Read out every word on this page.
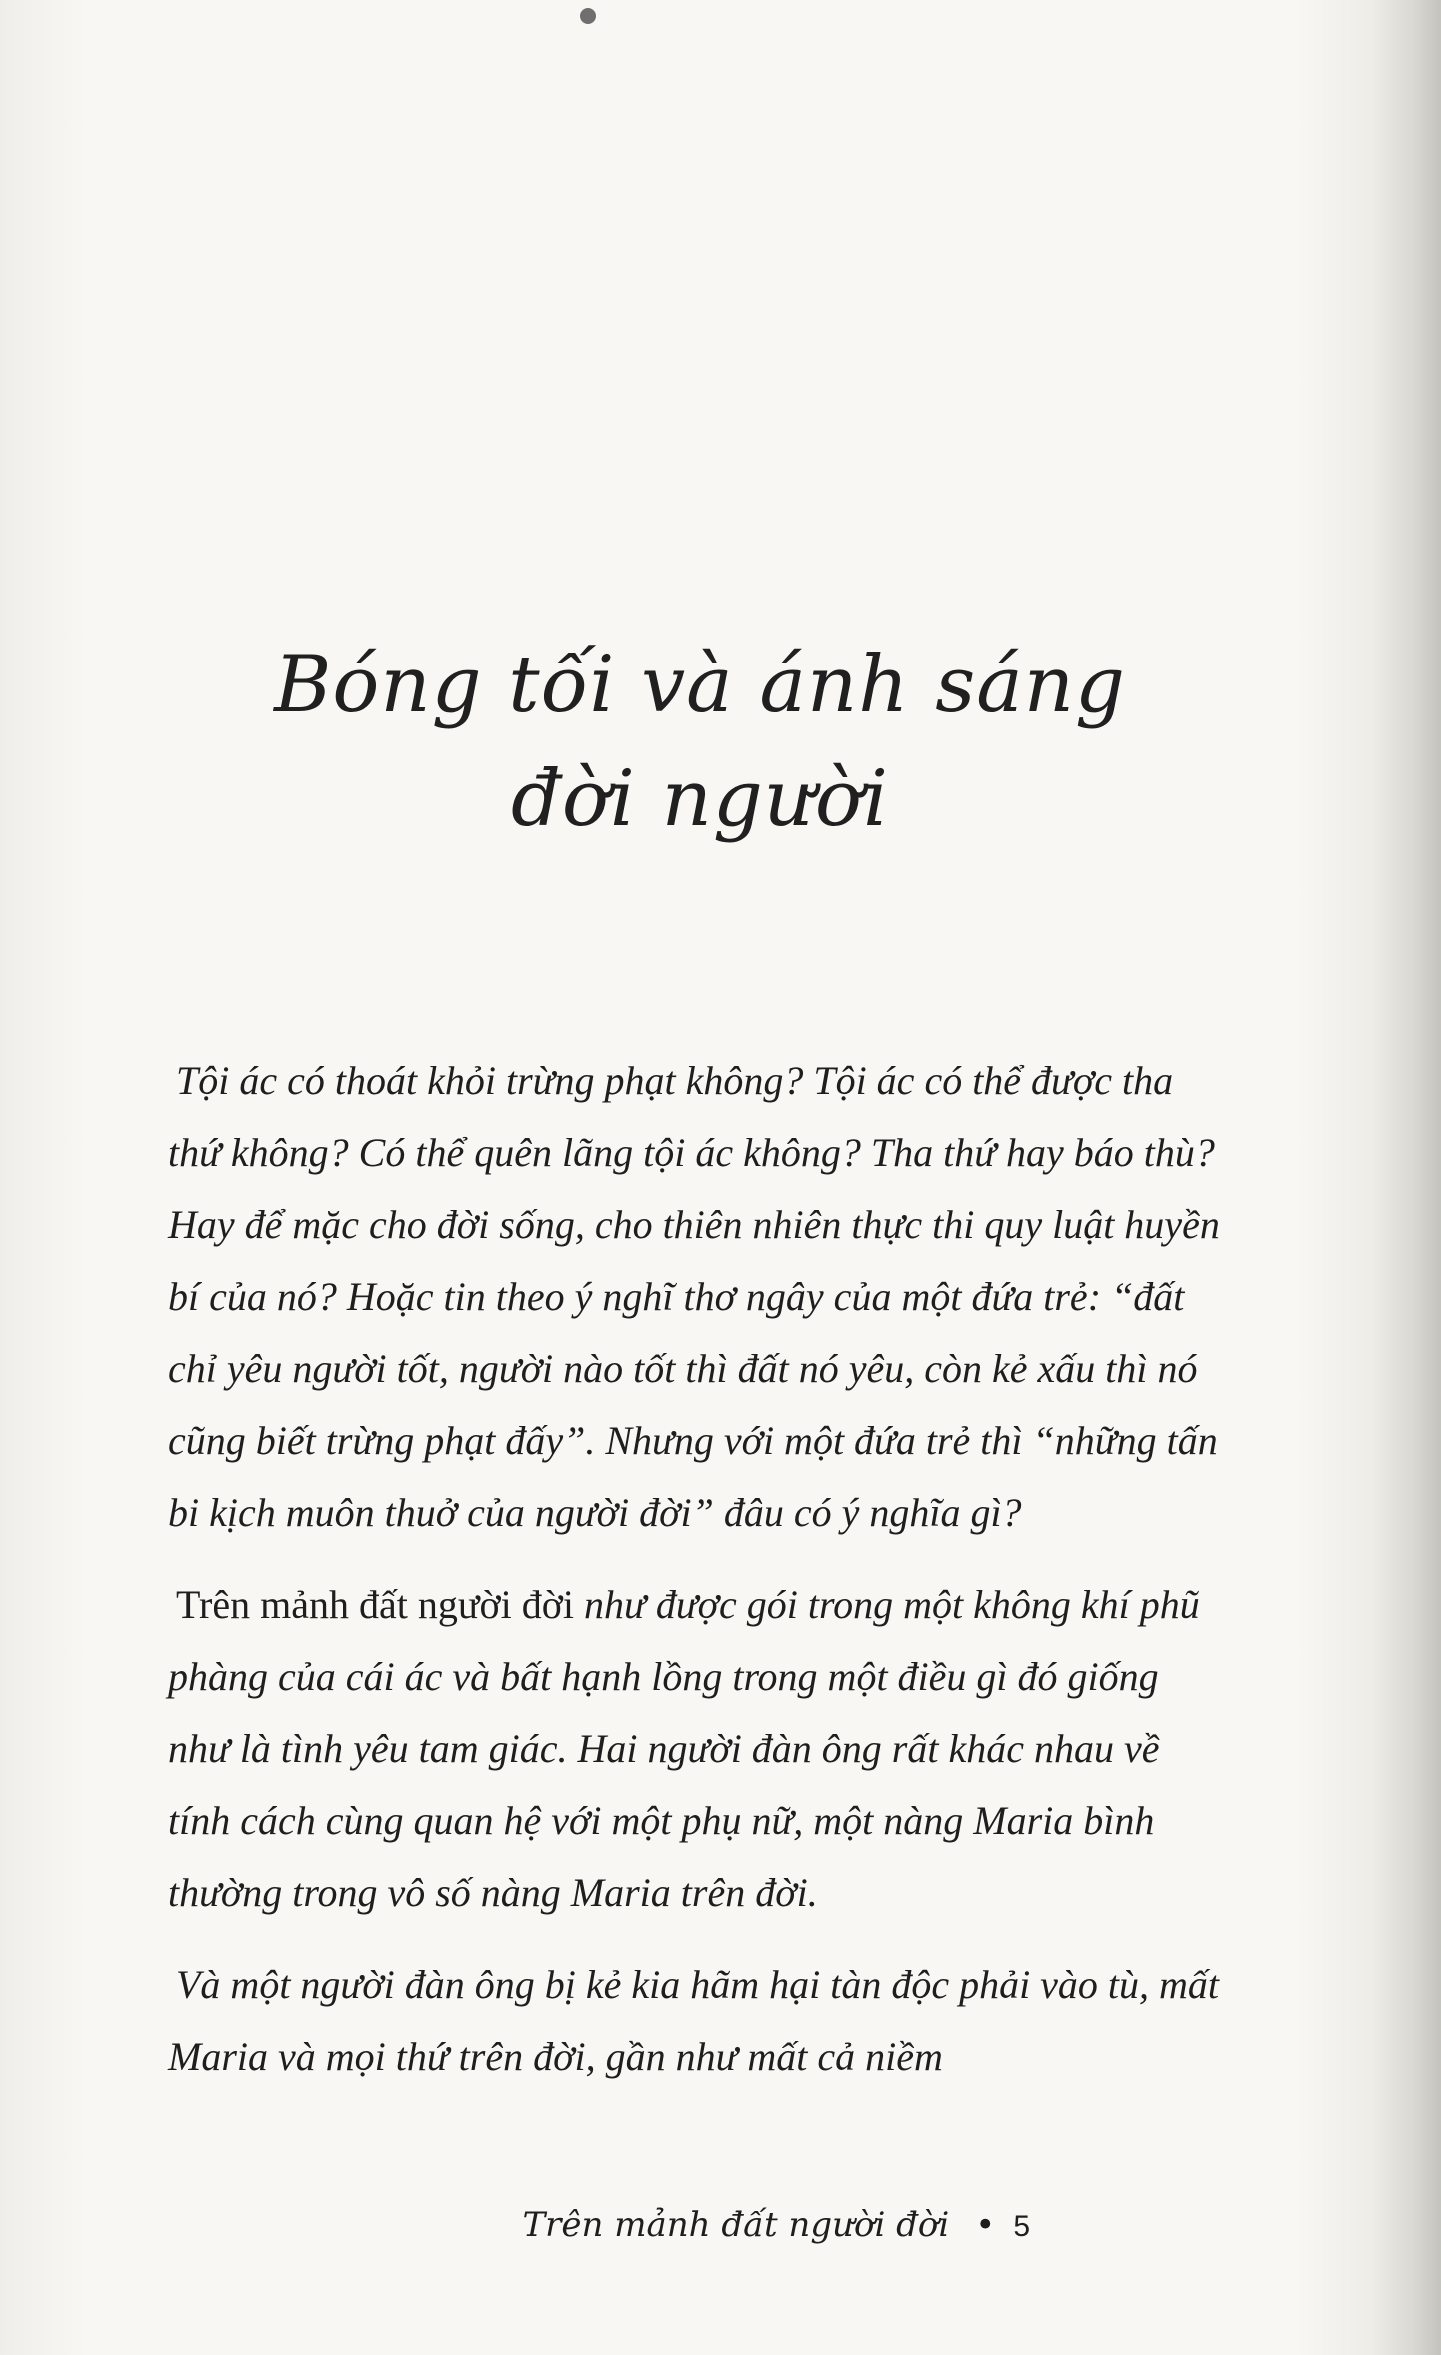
Bóng tối và ánh sáng
đời người

Tội ác có thoát khỏi trừng phạt không? Tội ác có thể được tha thứ không? Có thể quên lãng tội ác không? Tha thứ hay báo thù? Hay để mặc cho đời sống, cho thiên nhiên thực thi quy luật huyền bí của nó? Hoặc tin theo ý nghĩ thơ ngây của một đứa trẻ: “đất chỉ yêu người tốt, người nào tốt thì đất nó yêu, còn kẻ xấu thì nó cũng biết trừng phạt đấy”. Nhưng với một đứa trẻ thì “những tấn bi kịch muôn thuở của người đời” đâu có ý nghĩa gì?

Trên mảnh đất người đời như được gói trong một không khí phũ phàng của cái ác và bất hạnh lồng trong một điều gì đó giống như là tình yêu tam giác. Hai người đàn ông rất khác nhau về tính cách cùng quan hệ với một phụ nữ, một nàng Maria bình thường trong vô số nàng Maria trên đời.

Và một người đàn ông bị kẻ kia hãm hại tàn độc phải vào tù, mất Maria và mọi thứ trên đời, gần như mất cả niềm

Trên mảnh đất người đời • 5
